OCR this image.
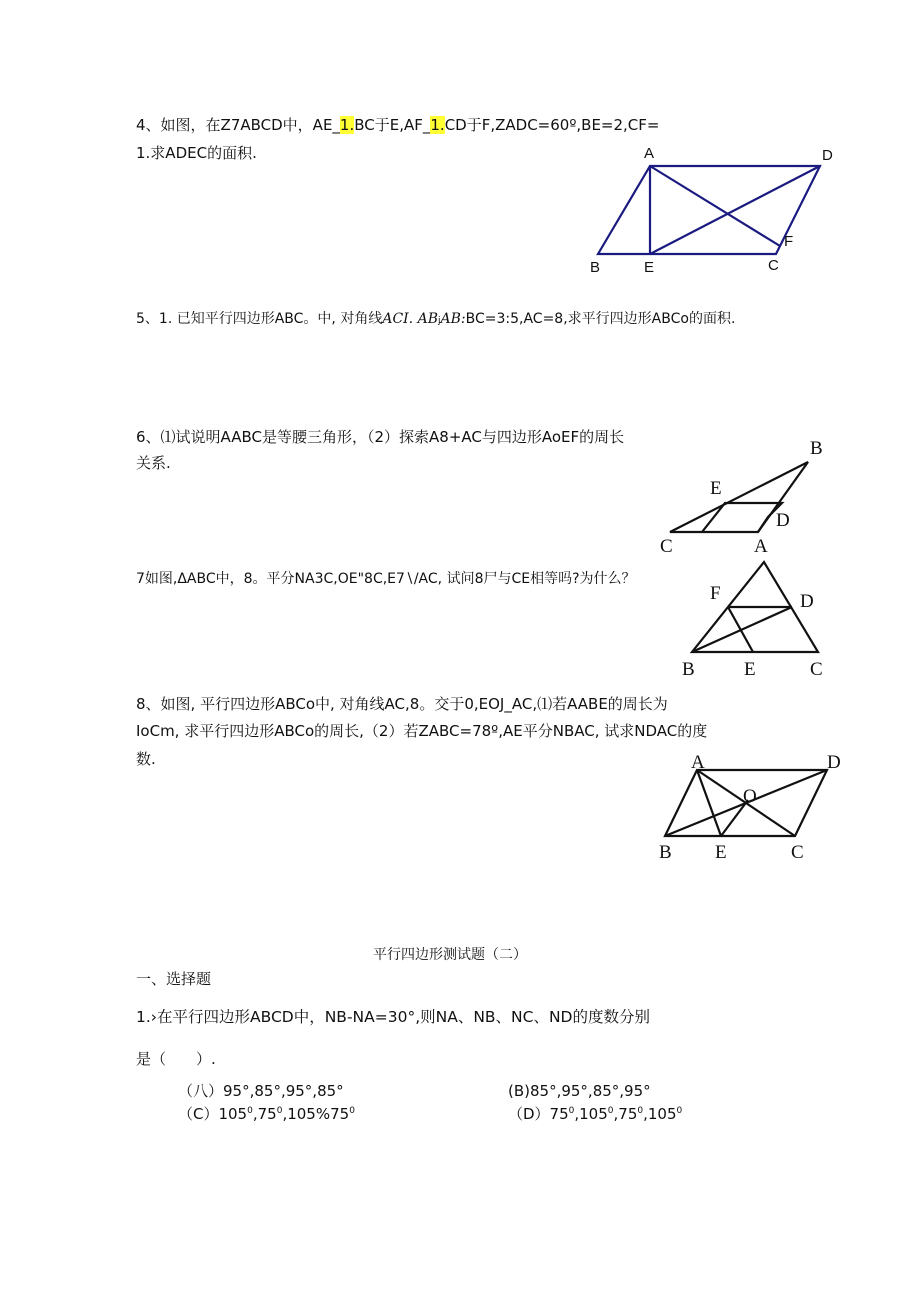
4、如图，在Z7ABCD中，AE_1.BC于E,AF_1.CD于F,ZADC=60º,BE=2,CF=
1.求ADEC的面积.	A	D
B	E	C
F
5、1. 已知平行四边形ABC。中, 对角线ACI. ABjAB:BC=3:5,AC=8,求平行四边形ABCo的面积.
6、⑴试说明AABC是等腰三角形，（2）探索A8+AC与四边形AoEF的周长
关系.
B
E
D
C	A
7如图,ΔABC中，8。平分NA3C,OE"8C,E7∖/AC, 试问8尸与CE相等吗?为什么？
F	D
B	E	C
8、如图, 平行四边形ABCo中, 对角线AC,8。交于0,EOJ_AC,⑴若AABE的周长为
IoCm, 求平行四边形ABCo的周长,（2）若ZABC=78º,AE平分NBAC, 试求NDAC的度
数.	A	D
O
B E	C
平行四边形测试题（二）
一、选择题
1.›在平行四边形ABCD中，NB-NA=30°,则NA、NB、NC、ND的度数分别
是（　　）.
（八）95°,85°,95°,85°	(B)85°,95°,85°,95°
$(C)105^0,75^0,105\%75^0$	$(D)75^0,105^0,75^0,105^0$
